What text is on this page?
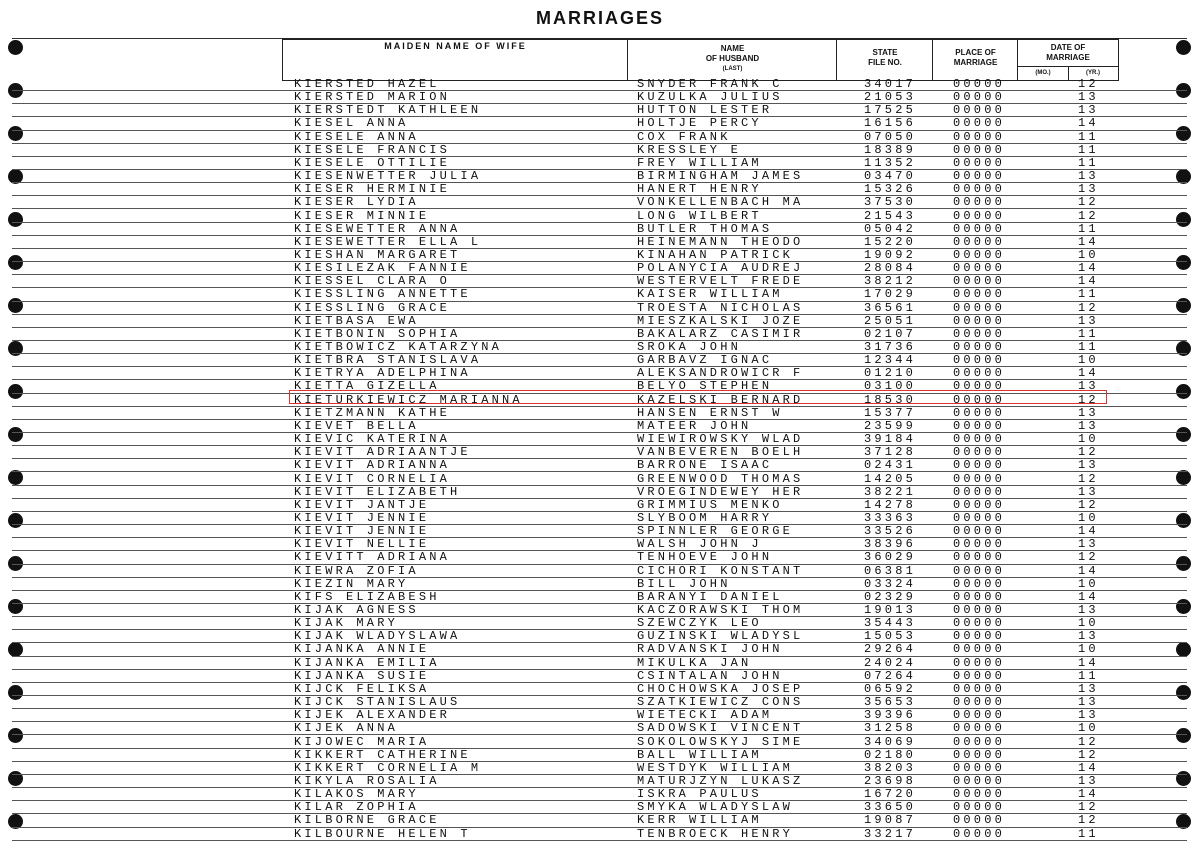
MARRIAGES
MAIDEN NAME OF WIFE	NAME
OF HUSBAND
(LAST)
STATE
FILE NO.
PLACE OF
MARRIAGE
DATE OF
MARRIAGE
(MO.)	(YR.)
KIERSTED HAZEL	SNYDER FRANK C	34017	00000	12
KIERSTED MARION	KUZULKA JULIUS	21053	00000	13
KIERSTEDT KATHLEEN	HUTTON LESTER	17525	00000	13
KIESEL ANNA	HOLTJE PERCY	16156	00000	14
KIESELE ANNA	COX FRANK	07050	00000	11
KIESELE FRANCIS	KRESSLEY E	18389	00000	11
KIESELE OTTILIE	FREY WILLIAM	11352	00000	11
KIESENWETTER JULIA	BIRMINGHAM JAMES	03470	00000	13
KIESER HERMINIE	HANERT HENRY	15326	00000	13
KIESER LYDIA	VONKELLENBACH MA	37530	00000	12
KIESER MINNIE	LONG WILBERT	21543	00000	12
KIESEWETTER ANNA	BUTLER THOMAS	05042	00000	11
KIESEWETTER ELLA L	HEINEMANN THEODO	15220	00000	14
KIESHAN MARGARET	KINAHAN PATRICK	19092	00000	10
KIESILEZAK FANNIE	POLANYCIA AUDREJ	28084	00000	14
KIESSEL CLARA O	WESTERVELT FREDE	38212	00000	14
KIESSLING ANNETTE	KAISER WILLIAM	17029	00000	11
KIESSLING GRACE	TROESTA NICHOLAS	36561	00000	12
KIETBASA EWA	MIESZKALSKI JOZE	25051	00000	13
KIETBONIN SOPHIA	BAKALARZ CASIMIR	02107	00000	11
KIETBOWICZ KATARZYNA	SROKA JOHN	31736	00000	11
KIETBRA STANISLAVA	GARBAVZ IGNAC	12344	00000	10
KIETRYA ADELPHINA	ALEKSANDROWICR F	01210	00000	14
KIETTA GIZELLA	BELYO STEPHEN	03100	00000	13
KIETURKIEWICZ MARIANNA	KAZELSKI BERNARD	18530	00000	12
KIETZMANN KATHE	HANSEN ERNST W	15377	00000	13
KIEVET BELLA	MATEER JOHN	23599	00000	13
KIEVIC KATERINA	WIEWIROWSKY WLAD	39184	00000	10
KIEVIT ADRIAANTJE	VANBEVEREN BOELH	37128	00000	12
KIEVIT ADRIANNA	BARRONE ISAAC	02431	00000	13
KIEVIT CORNELIA	GREENWOOD THOMAS	14205	00000	12
KIEVIT ELIZABETH	VROEGINDEWEY HER	38221	00000	13
KIEVIT JANTJE	GRIMMIUS MENKO	14278	00000	12
KIEVIT JENNIE	SLYBOOM HARRY	33363	00000	10
KIEVIT JENNIE	SPINNLER GEORGE	33526	00000	14
KIEVIT NELLIE	WALSH JOHN J	38396	00000	13
KIEVITT ADRIANA	TENHOEVE JOHN	36029	00000	12
KIEWRA ZOFIA	CICHORI KONSTANT	06381	00000	14
KIEZIN MARY	BILL JOHN	03324	00000	10
KIFS ELIZABESH	BARANYI DANIEL	02329	00000	14
KIJAK AGNESS	KACZORAWSKI THOM	19013	00000	13
KIJAK MARY	SZEWCZYK LEO	35443	00000	10
KIJAK WLADYSLAWA	GUZINSKI WLADYSL	15053	00000	13
KIJANKA ANNIE	RADVANSKI JOHN	29264	00000	10
KIJANKA EMILIA	MIKULKA JAN	24024	00000	14
KIJANKA SUSIE	CSINTALAN JOHN	07264	00000	11
KIJCK FELIKSA	CHOCHOWSKA JOSEP	06592	00000	13
KIJCK STANISLAUS	SZATKIEWICZ CONS	35653	00000	13
KIJEK ALEXANDER	WIETECKI ADAM	39396	00000	13
KIJEK ANNA	SADOWSKI VINCENT	31258	00000	10
KIJOWEC MARIA	SOKOLOWSKYJ SIME	34069	00000	12
KIKKERT CATHERINE	BALL WILLIAM	02180	00000	12
KIKKERT CORNELIA M	WESTDYK WILLIAM	38203	00000	14
KIKYLA ROSALIA	MATURJZYN LUKASZ	23698	00000	13
KILAKOS MARY	ISKRA PAULUS	16720	00000	14
KILAR ZOPHIA	SMYKA WLADYSLAW	33650	00000	12
KILBORNE GRACE	KERR WILLIAM	19087	00000	12
KILBOURNE HELEN T	TENBROECK HENRY	33217	00000	11
